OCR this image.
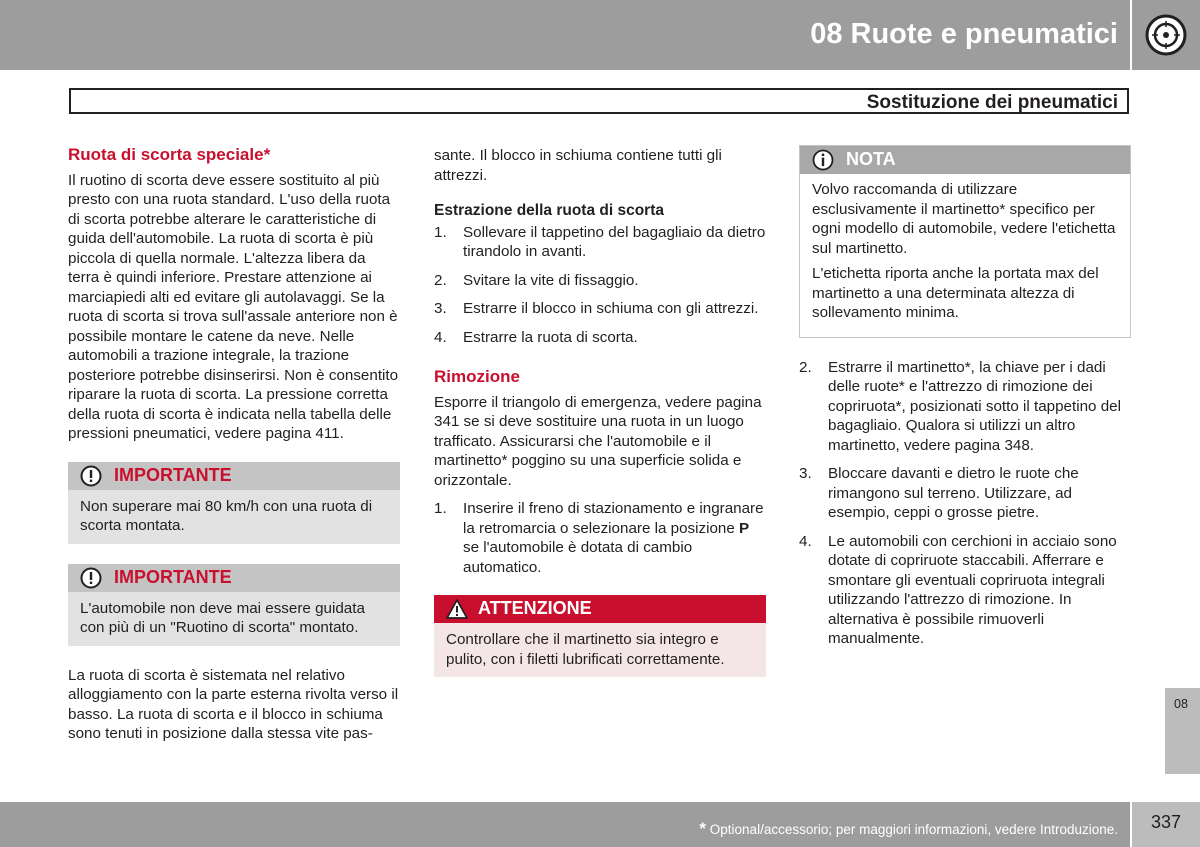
08 Ruote e pneumatici
Sostituzione dei pneumatici
Ruota di scorta speciale*

Il ruotino di scorta deve essere sostituito al più presto con una ruota standard. L'uso della ruota di scorta potrebbe alterare le caratteristiche di guida dell'automobile. La ruota di scorta è più piccola di quella normale. L'altezza libera da terra è quindi inferiore. Prestare attenzione ai marciapiedi alti ed evitare gli autolavaggi. Se la ruota di scorta si trova sull'assale anteriore non è possibile montare le catene da neve. Nelle automobili a trazione integrale, la trazione posteriore potrebbe disinserirsi. Non è consentito riparare la ruota di scorta. La pressione corretta della ruota di scorta è indicata nella tabella delle pressioni pneumatici, vedere pagina 411.

IMPORTANTE
Non superare mai 80 km/h con una ruota di scorta montata.
IMPORTANTE
L'automobile non deve mai essere guidata con più di un "Ruotino di scorta" montato.

La ruota di scorta è sistemata nel relativo alloggiamento con la parte esterna rivolta verso il basso. La ruota di scorta e il blocco in schiuma sono tenuti in posizione dalla stessa vite pas-

sante. Il blocco in schiuma contiene tutti gli attrezzi.

Estrazione della ruota di scorta
1. Sollevare il tappetino del bagagliaio da dietro tirandolo in avanti.
2. Svitare la vite di fissaggio.
3. Estrarre il blocco in schiuma con gli attrezzi.
4. Estrarre la ruota di scorta.
Rimozione

Esporre il triangolo di emergenza, vedere pagina 341 se si deve sostituire una ruota in un luogo trafficato. Assicurarsi che l'automobile e il martinetto* poggino su una superficie solida e orizzontale.

1. Inserire il freno di stazionamento e ingranare la retromarcia o selezionare la posizione P se l'automobile è dotata di cambio automatico.
ATTENZIONE
Controllare che il martinetto sia integro e pulito, con i filetti lubrificati correttamente.
NOTA

Volvo raccomanda di utilizzare esclusivamente il martinetto* specifico per ogni modello di automobile, vedere l'etichetta sul martinetto.

L'etichetta riporta anche la portata max del martinetto a una determinata altezza di sollevamento minima.

2. Estrarre il martinetto*, la chiave per i dadi delle ruote* e l'attrezzo di rimozione dei copriruota*, posizionati sotto il tappetino del bagagliaio. Qualora si utilizzi un altro martinetto, vedere pagina 348.
3. Bloccare davanti e dietro le ruote che rimangono sul terreno. Utilizzare, ad esempio, ceppi o grosse pietre.
4. Le automobili con cerchioni in acciaio sono dotate di copriruote staccabili. Afferrare e smontare gli eventuali copriruota integrali utilizzando l'attrezzo di rimozione. In alternativa è possibile rimuoverli manualmente.
08
* Optional/accessorio; per maggiori informazioni, vedere Introduzione.	337
